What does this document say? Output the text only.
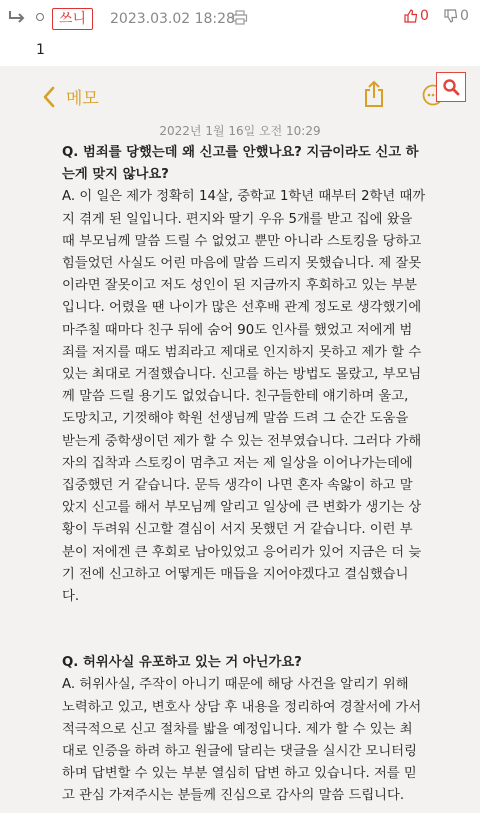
쓰니	2023.03.02 18:28	0 0
1
메모
2022년 1월 16일 오전 10:29

Q. 범죄를 당했는데 왜 신고를 안했나요? 지금이라도 신고 하

는게 맞지 않나요?

A. 이 일은 제가 정확히 14살, 중학교 1학년 때부터 2학년 때까

지 겪게 된 일입니다. 편지와 딸기 우유 5개를 받고 집에 왔을

때 부모님께 말씀 드릴 수 없었고 뿐만 아니라 스토킹을 당하고

힘들었던 사실도 어린 마음에 말씀 드리지 못했습니다. 제 잘못

이라면 잘못이고 저도 성인이 된 지금까지 후회하고 있는 부분

입니다. 어렸을 땐 나이가 많은 선후배 관계 정도로 생각했기에

마주칠 때마다 친구 뒤에 숨어 90도 인사를 했었고 저에게 범

죄를 저지를 때도 범죄라고 제대로 인지하지 못하고 제가 할 수

있는 최대로 거절했습니다. 신고를 하는 방법도 몰랐고, 부모님

께 말씀 드릴 용기도 없었습니다. 친구들한테 얘기하며 울고,

도망치고, 기껏해야 학원 선생님께 말씀 드려 그 순간 도움을

받는게 중학생이던 제가 할 수 있는 전부였습니다. 그러다 가해

자의 집착과 스토킹이 멈추고 저는 제 일상을 이어나가는데에

집중했던 거 같습니다. 문득 생각이 나면 혼자 속앓이 하고 말

았지 신고를 해서 부모님께 알리고 일상에 큰 변화가 생기는 상

황이 두려워 신고할 결심이 서지 못했던 거 같습니다. 이런 부

분이 저에겐 큰 후회로 남아있었고 응어리가 있어 지금은 더 늦

기 전에 신고하고 어떻게든 매듭을 지어야겠다고 결심했습니

다.

Q. 허위사실 유포하고 있는 거 아닌가요?

A. 허위사실, 주작이 아니기 때문에 해당 사건을 알리기 위해

노력하고 있고, 변호사 상담 후 내용을 정리하여 경찰서에 가서

적극적으로 신고 절차를 밟을 예정입니다. 제가 할 수 있는 최

대로 인증을 하려 하고 원글에 달리는 댓글을 실시간 모니터링

하며 답변할 수 있는 부분 열심히 답변 하고 있습니다. 저를 믿

고 관심 가져주시는 분들께 진심으로 감사의 말씀 드립니다.
